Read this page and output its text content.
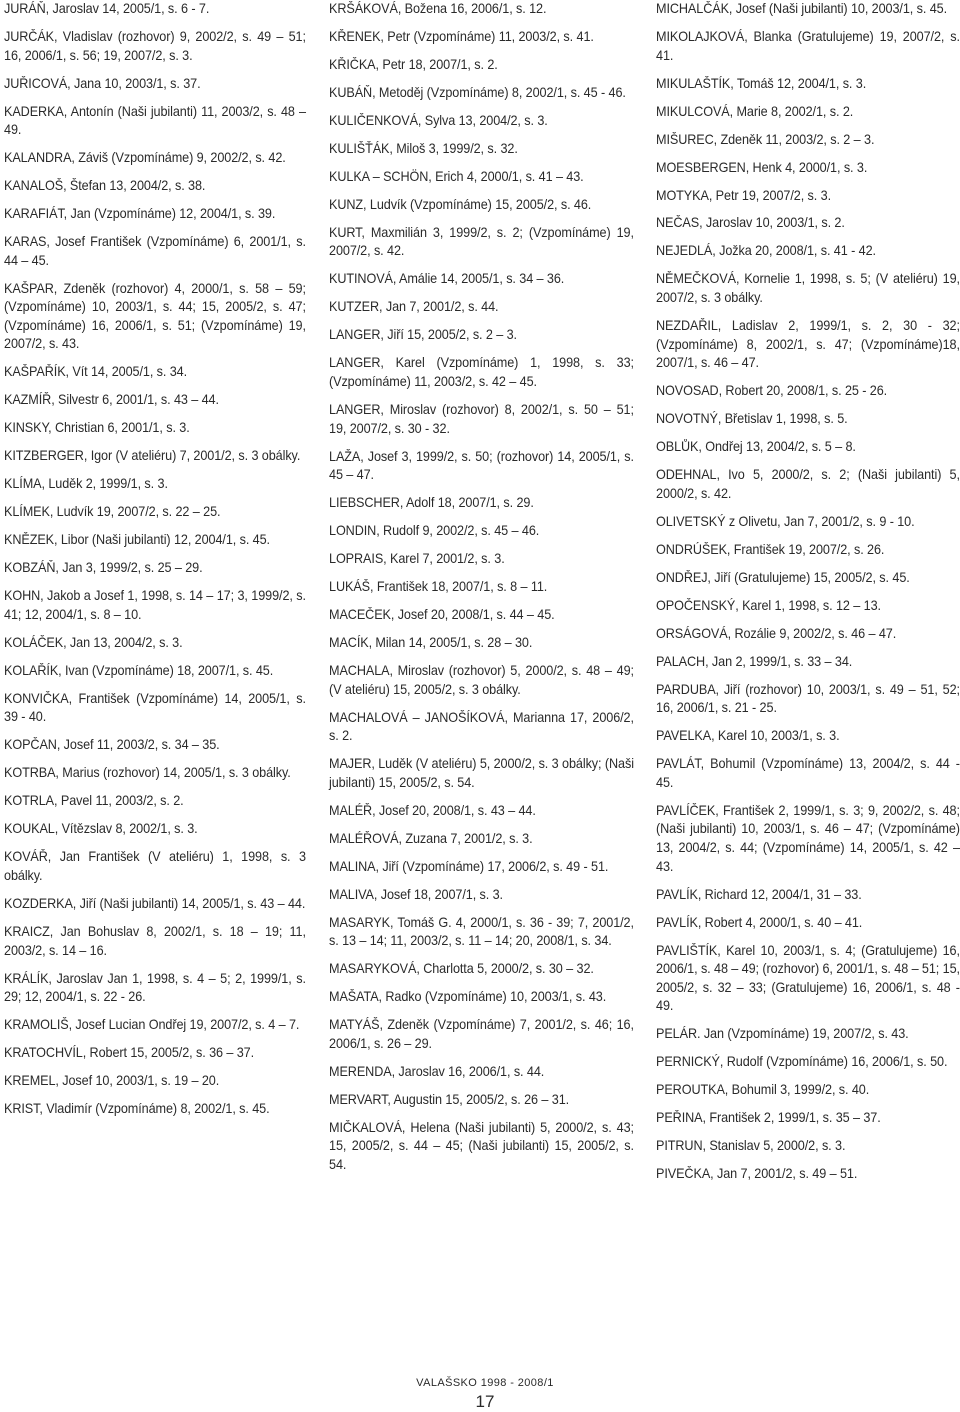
JURÁŇ, Jaroslav 14, 2005/1, s. 6 - 7.

JURČÁK, Vladislav (rozhovor) 9, 2002/2, s. 49 – 51; 16, 2006/1, s. 56; 19, 2007/2, s. 3.

JUŘICOVÁ, Jana 10, 2003/1, s. 37.

KADERKA, Antonín (Naši jubilanti) 11, 2003/2, s. 48 – 49.

KALANDRA, Záviš (Vzpomínáme) 9, 2002/2, s. 42.

KANALOŠ, Štefan 13, 2004/2, s. 38.

KARAFIÁT, Jan (Vzpomínáme) 12, 2004/1, s. 39.

KARAS, Josef František (Vzpomínáme) 6, 2001/1, s. 44 – 45.

KAŠPAR, Zdeněk (rozhovor) 4, 2000/1, s. 58 – 59; (Vzpomínáme) 10, 2003/1, s. 44; 15, 2005/2, s. 47; (Vzpomínáme) 16, 2006/1, s. 51; (Vzpomínáme) 19, 2007/2, s. 43.

KAŠPAŘÍK, Vít 14, 2005/1, s. 34.

KAZMÍŘ, Silvestr 6, 2001/1, s. 43 – 44.

KINSKY, Christian 6, 2001/1, s. 3.

KITZBERGER, Igor (V ateliéru) 7, 2001/2, s. 3 obálky.

KLÍMA, Luděk 2, 1999/1, s. 3.

KLÍMEK, Ludvík 19, 2007/2, s. 22 – 25.

KNĚZEK, Libor (Naši jubilanti) 12, 2004/1, s. 45.

KOBZÁŇ, Jan 3, 1999/2, s. 25 – 29.

KOHN, Jakob a Josef 1, 1998, s. 14 – 17; 3, 1999/2, s. 41; 12, 2004/1, s. 8 – 10.

KOLÁČEK, Jan 13, 2004/2, s. 3.

KOLAŘÍK, Ivan (Vzpomínáme) 18, 2007/1, s. 45.

KONVIČKA, František (Vzpomínáme) 14, 2005/1, s. 39 - 40.

KOPČAN, Josef 11, 2003/2, s. 34 – 35.

KOTRBA, Marius (rozhovor) 14, 2005/1, s. 3 obálky.

KOTRLA, Pavel 11, 2003/2, s. 2.

KOUKAL, Vítězslav 8, 2002/1, s. 3.

KOVÁŘ, Jan František (V ateliéru) 1, 1998, s. 3 obálky.

KOZDERKA, Jiří (Naši jubilanti) 14, 2005/1, s. 43 – 44.

KRAICZ, Jan Bohuslav 8, 2002/1, s. 18 – 19; 11, 2003/2, s. 14 – 16.

KRÁLÍK, Jaroslav Jan 1, 1998, s. 4 – 5; 2, 1999/1, s. 29; 12, 2004/1, s. 22 - 26.

KRAMOLIŠ, Josef Lucian Ondřej 19, 2007/2, s. 4 – 7.

KRATOCHVÍL, Robert 15, 2005/2, s. 36 – 37.

KREMEL, Josef 10, 2003/1, s. 19 – 20.

KRIST, Vladimír (Vzpomínáme) 8, 2002/1, s. 45.

KRŠÁKOVÁ, Božena 16, 2006/1, s. 12.

KŘENEK, Petr (Vzpomínáme) 11, 2003/2, s. 41.

KŘIČKA, Petr 18, 2007/1, s. 2.

KUBÁŇ, Metoděj (Vzpomínáme) 8, 2002/1, s. 45 - 46.

KULIČENKOVÁ, Sylva 13, 2004/2, s. 3.

KULIŠŤÁK, Miloš 3, 1999/2, s. 32.

KULKA – SCHÖN, Erich 4, 2000/1, s. 41 – 43.

KUNZ, Ludvík (Vzpomínáme) 15, 2005/2, s. 46.

KURT, Maxmilián 3, 1999/2, s. 2; (Vzpomínáme) 19, 2007/2, s. 42.

KUTINOVÁ, Amálie 14, 2005/1, s. 34 – 36.

KUTZER, Jan 7, 2001/2, s. 44.

LANGER, Jiří 15, 2005/2, s. 2 – 3.

LANGER, Karel (Vzpomínáme) 1, 1998, s. 33; (Vzpomínáme) 11, 2003/2, s. 42 – 45.

LANGER, Miroslav (rozhovor) 8, 2002/1, s. 50 – 51; 19, 2007/2, s. 30 - 32.

LAŽA, Josef 3, 1999/2, s. 50; (rozhovor) 14, 2005/1, s. 45 – 47.

LIEBSCHER, Adolf 18, 2007/1, s. 29.

LONDIN, Rudolf 9, 2002/2, s. 45 – 46.

LOPRAIS, Karel 7, 2001/2, s. 3.

LUKÁŠ, František 18, 2007/1, s. 8 – 11.

MACEČEK, Josef 20, 2008/1, s. 44 – 45.

MACÍK, Milan 14, 2005/1, s. 28 – 30.

MACHALA, Miroslav (rozhovor) 5, 2000/2, s. 48 – 49; (V ateliéru) 15, 2005/2, s. 3 obálky.

MACHALOVÁ – JANOŠÍKOVÁ, Marianna 17, 2006/2, s. 2.

MAJER, Luděk (V ateliéru) 5, 2000/2, s. 3 obálky; (Naši jubilanti) 15, 2005/2, s. 54.

MALÉŘ, Josef 20, 2008/1, s. 43 – 44.

MALÉŘOVÁ, Zuzana 7, 2001/2, s. 3.

MALINA, Jiří (Vzpomínáme) 17, 2006/2, s. 49 - 51.

MALIVA, Josef 18, 2007/1, s. 3.

MASARYK, Tomáš G. 4, 2000/1, s. 36 - 39; 7, 2001/2, s. 13 – 14; 11, 2003/2, s. 11 – 14; 20, 2008/1, s. 34.

MASARYKOVÁ, Charlotta 5, 2000/2, s. 30 – 32.

MAŠATA, Radko (Vzpomínáme) 10, 2003/1, s. 43.

MATYÁŠ, Zdeněk (Vzpomínáme) 7, 2001/2, s. 46; 16, 2006/1, s. 26 – 29.

MERENDA, Jaroslav 16, 2006/1, s. 44.

MERVART, Augustin 15, 2005/2, s. 26 – 31.

MIČKALOVÁ, Helena (Naši jubilanti) 5, 2000/2, s. 43; 15, 2005/2, s. 44 – 45; (Naši jubilanti) 15, 2005/2, s. 54.

MICHALČÁK, Josef (Naši jubilanti) 10, 2003/1, s. 45.

MIKOLAJKOVÁ, Blanka (Gratulujeme) 19, 2007/2, s. 41.

MIKULAŠTÍK, Tomáš 12, 2004/1, s. 3.

MIKULCOVÁ, Marie 8, 2002/1, s. 2.

MIŠUREC, Zdeněk 11, 2003/2, s. 2 – 3.

MOESBERGEN, Henk 4, 2000/1, s. 3.

MOTYKA, Petr 19, 2007/2, s. 3.

NEČAS, Jaroslav 10, 2003/1, s. 2.

NEJEDLÁ, Jožka 20, 2008/1, s. 41 - 42.

NĚMEČKOVÁ, Kornelie 1, 1998, s. 5; (V ateliéru) 19, 2007/2, s. 3 obálky.

NEZDAŘIL, Ladislav 2, 1999/1, s. 2, 30 - 32; (Vzpomínáme) 8, 2002/1, s. 47; (Vzpomínáme)18, 2007/1, s. 46 – 47.

NOVOSAD, Robert 20, 2008/1, s. 25 - 26.

NOVOTNÝ, Břetislav 1, 1998, s. 5.

OBLŮK, Ondřej 13, 2004/2, s. 5 – 8.

ODEHNAL, Ivo 5, 2000/2, s. 2; (Naši jubilanti) 5, 2000/2, s. 42.

OLIVETSKÝ z Olivetu, Jan 7, 2001/2, s. 9 - 10.

ONDRÚŠEK, František 19, 2007/2, s. 26.

ONDŘEJ, Jiří (Gratulujeme) 15, 2005/2, s. 45.

OPOČENSKÝ, Karel 1, 1998, s. 12 – 13.

ORSÁGOVÁ, Rozálie 9, 2002/2, s. 46 – 47.

PALACH, Jan 2, 1999/1, s. 33 – 34.

PARDUBA, Jiří (rozhovor) 10, 2003/1, s. 49 – 51, 52; 16, 2006/1, s. 21 - 25.

PAVELKA, Karel 10, 2003/1, s. 3.

PAVLÁT, Bohumil (Vzpomínáme) 13, 2004/2, s. 44 - 45.

PAVLÍČEK, František 2, 1999/1, s. 3; 9, 2002/2, s. 48; (Naši jubilanti) 10, 2003/1, s. 46 – 47; (Vzpomínáme) 13, 2004/2, s. 44; (Vzpomínáme) 14, 2005/1, s. 42 – 43.

PAVLÍK, Richard 12, 2004/1, 31 – 33.

PAVLÍK, Robert 4, 2000/1, s. 40 – 41.

PAVLIŠTÍK, Karel 10, 2003/1, s. 4; (Gratulujeme) 16, 2006/1, s. 48 – 49; (rozhovor) 6, 2001/1, s. 48 – 51; 15, 2005/2, s. 32 – 33; (Gratulujeme) 16, 2006/1, s. 48 - 49.

PELÁR. Jan (Vzpomínáme) 19, 2007/2, s. 43.

PERNICKÝ, Rudolf (Vzpomínáme) 16, 2006/1, s. 50.

PEROUTKA, Bohumil 3, 1999/2, s. 40.

PEŘINA, František 2, 1999/1, s. 35 – 37.

PITRUN, Stanislav 5, 2000/2, s. 3.

PIVEČKA, Jan 7, 2001/2, s. 49 – 51.

VALAŠSKO 1998 - 2008/1
17
